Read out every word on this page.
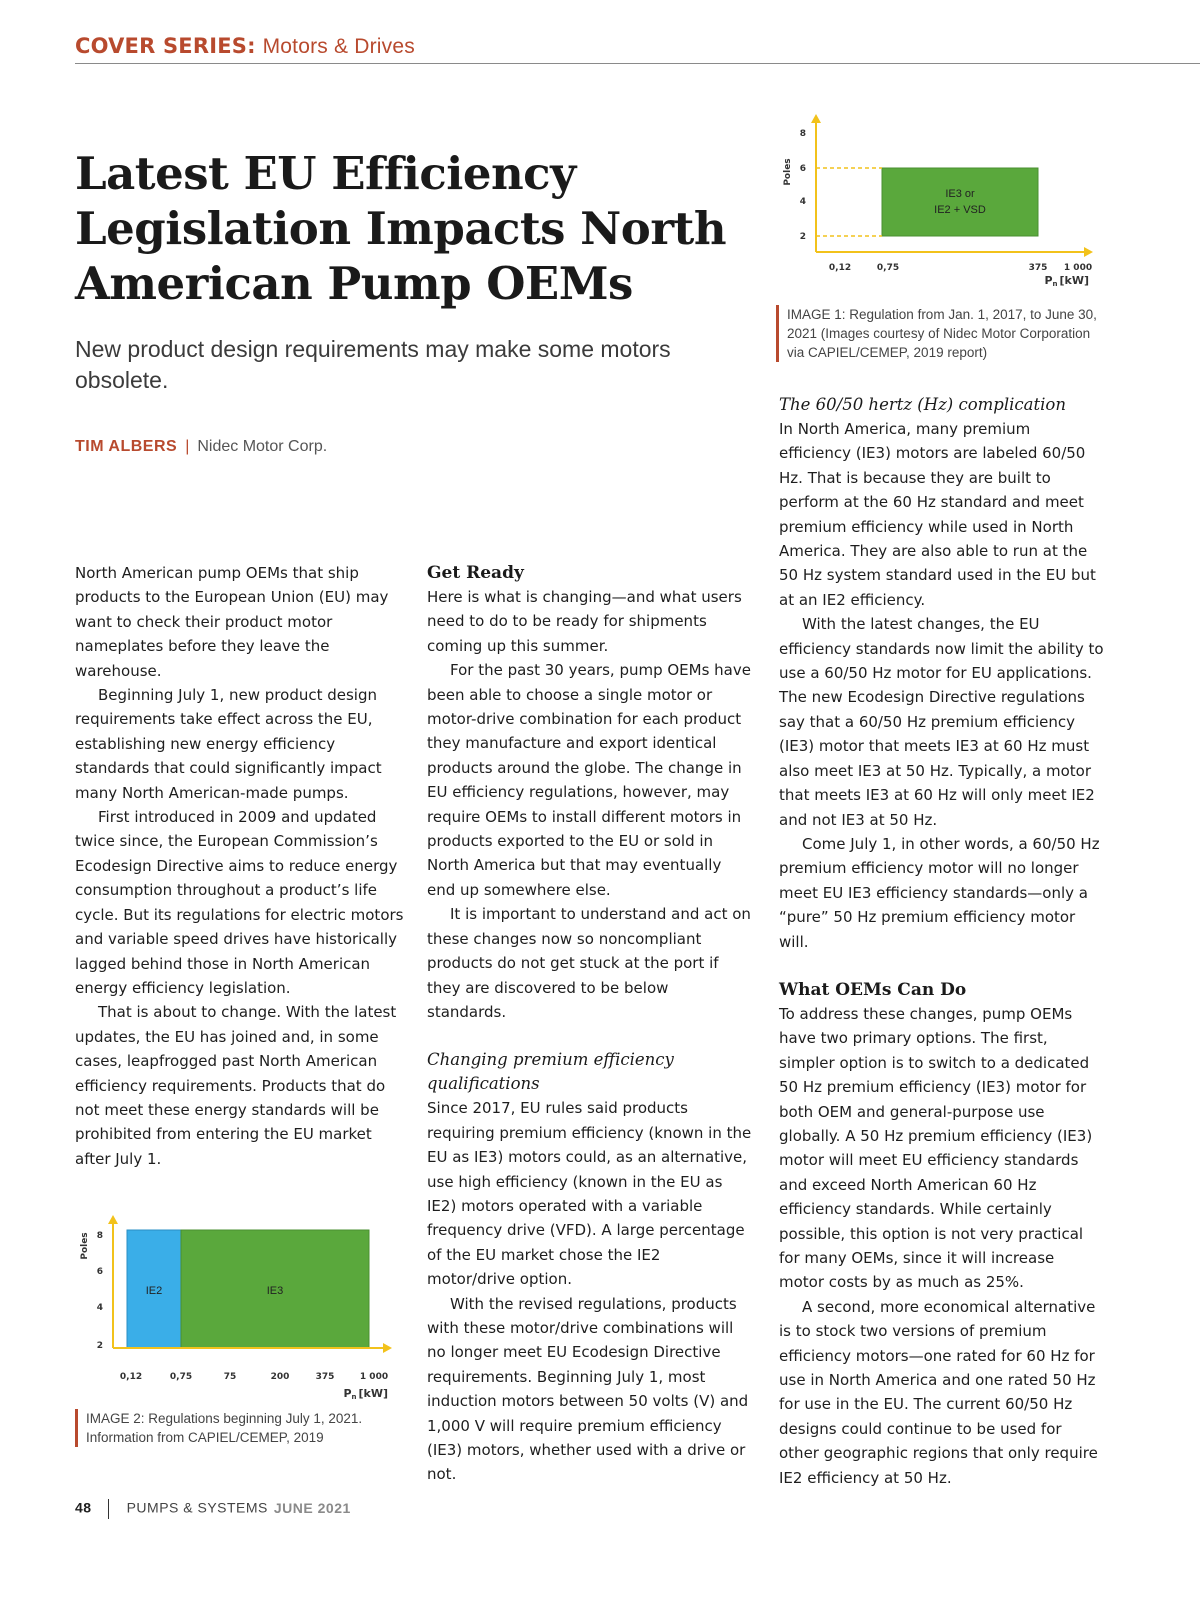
COVER SERIES: Motors & Drives
Latest EU Efficiency Legislation Impacts North American Pump OEMs
New product design requirements may make some motors obsolete.
TIM ALBERS | Nidec Motor Corp.
IE3 or
IE2 + VSD
8
6
4
2
Poles
0,12	0,75	375 1 000
Pn [kW]
IMAGE 1: Regulation from Jan. 1, 2017, to June 30, 2021 (Images courtesy of Nidec Motor Corporation via CAPIEL/CEMEP, 2019 report)

North American pump OEMs that ship products to the European Union (EU) may want to check their product motor nameplates before they leave the warehouse.

Beginning July 1, new product design requirements take effect across the EU, establishing new energy efficiency standards that could significantly impact many North American-made pumps.

First introduced in 2009 and updated twice since, the European Commission’s Ecodesign Directive aims to reduce energy consumption throughout a product’s life cycle. But its regulations for electric motors and variable speed drives have historically lagged behind those in North American energy efficiency legislation.

That is about to change. With the latest updates, the EU has joined and, in some cases, leapfrogged past North American efficiency requirements. Products that do not meet these energy standards will be prohibited from entering the EU market after July 1.

IE2	IE3
8
6
4
2
Poles
0,12	0,75	75	200	375	1 000
Pn [kW]
IMAGE 2: Regulations beginning July 1, 2021. Information from CAPIEL/CEMEP, 2019
Get Ready

Here is what is changing—and what users need to do to be ready for shipments coming up this summer.

For the past 30 years, pump OEMs have been able to choose a single motor or motor-drive combination for each product they manufacture and export identical products around the globe. The change in EU efficiency regulations, however, may require OEMs to install different motors in products exported to the EU or sold in North America but that may eventually end up somewhere else.

It is important to understand and act on these changes now so noncompliant products do not get stuck at the port if they are discovered to be below standards.

Changing premium efficiency qualifications

Since 2017, EU rules said products requiring premium efficiency (known in the EU as IE3) motors could, as an alternative, use high efficiency (known in the EU as IE2) motors operated with a variable frequency drive (VFD). A large percentage of the EU market chose the IE2 motor/drive option.

With the revised regulations, products with these motor/drive combinations will no longer meet EU Ecodesign Directive requirements. Beginning July 1, most induction motors between 50 volts (V) and 1,000 V will require premium efficiency (IE3) motors, whether used with a drive or not.

The 60/50 hertz (Hz) complication

In North America, many premium efficiency (IE3) motors are labeled 60/50 Hz. That is because they are built to perform at the 60 Hz standard and meet premium efficiency while used in North America. They are also able to run at the 50 Hz system standard used in the EU but at an IE2 efficiency.

With the latest changes, the EU efficiency standards now limit the ability to use a 60/50 Hz motor for EU applications. The new Ecodesign Directive regulations say that a 60/50 Hz premium efficiency (IE3) motor that meets IE3 at 60 Hz must also meet IE3 at 50 Hz. Typically, a motor that meets IE3 at 60 Hz will only meet IE2 and not IE3 at 50 Hz.

Come July 1, in other words, a 60/50 Hz premium efficiency motor will no longer meet EU IE3 efficiency standards—only a “pure” 50 Hz premium efficiency motor will.

What OEMs Can Do

To address these changes, pump OEMs have two primary options. The first, simpler option is to switch to a dedicated 50 Hz premium efficiency (IE3) motor for both OEM and general-purpose use globally. A 50 Hz premium efficiency (IE3) motor will meet EU efficiency standards and exceed North American 60 Hz efficiency standards. While certainly possible, this option is not very practical for many OEMs, since it will increase motor costs by as much as 25%.

A second, more economical alternative is to stock two versions of premium efficiency motors—one rated for 60 Hz for use in North America and one rated 50 Hz for use in the EU. The current 60/50 Hz designs could continue to be used for other geographic regions that only require IE2 efficiency at 50 Hz.

48	PUMPS & SYSTEMS JUNE 2021
